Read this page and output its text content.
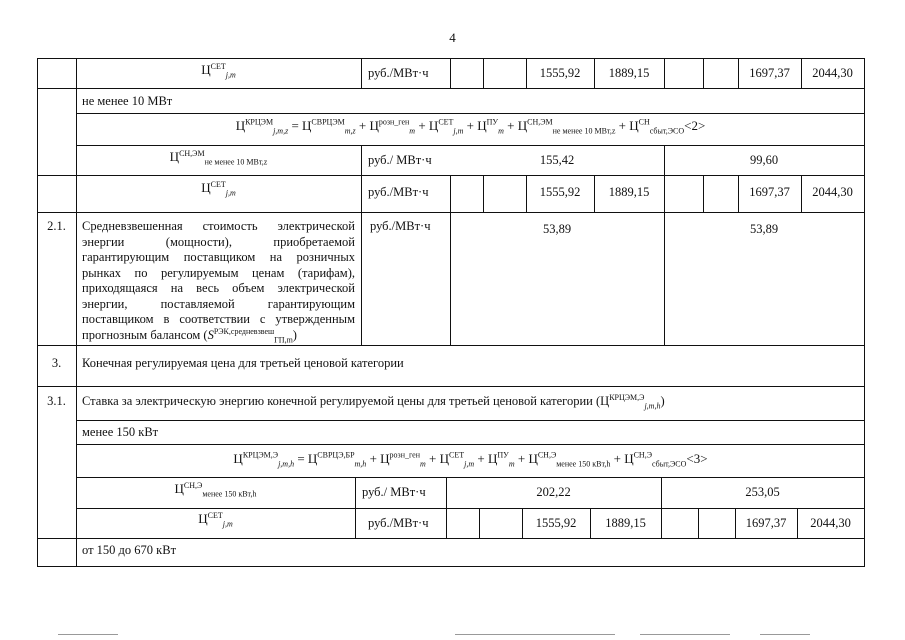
4
$Ц^{СЕТ}_{j,m}$	руб./МВт·ч	1555,92	1889,15	1697,37	2044,30
не менее 10 МВт
$Ц^{КРЦЭМ}_{j,m,z} = Ц^{СВРЦЭМ}_{m,z} + Ц^{розн\_ген}_m + Ц^{СЕТ}_{j,m} + Ц^{ПУ}_m + Ц^{СН,ЭМ}_{не менее 10 МВт,z} + Ц^{СН}_{сбыт,ЭСО}<2>$
$Ц^{СН,ЭМ}_{не менее 10 МВт,z}$	руб./ МВт·ч	155,42	99,60
$Ц^{СЕТ}_{j,m}$	руб./МВт·ч	1555,92	1889,15	1697,37	2044,30
2.1.	Средневзвешенная стоимость электрической энергии (мощности), приобретаемой гарантирующим поставщиком на розничных рынках по регулируемым ценам (тарифам), приходящаяся на весь объем электрической энергии, поставляемой гарантирующим поставщиком в соответствии с утвержденным прогнозным балансом $(S^{РЭК,средневзвеш}_{ГП,m})$
руб./МВт·ч	53,89	53,89
3.	Конечная регулируемая цена для третьей ценовой категории
3.1.	Ставка за электрическую энергию конечной регулируемой цены для третьей ценовой категории $(Ц^{КРЦЭМ,Э}_{j,m,h})$
менее 150 кВт
$Ц^{КРЦЭМ,Э}_{j,m,h} = Ц^{СВРЦЭ,БР}_{m,h} + Ц^{розн\_ген}_m + Ц^{СЕТ}_{j,m} + Ц^{ПУ}_m + Ц^{СН,Э}_{менее 150 кВт,h} + Ц^{СН,Э}_{сбыт,ЭСО}<3>$
$Ц^{СН,Э}_{менее 150 кВт,h}$	руб./ МВт·ч	202,22	253,05
$Ц^{СЕТ}_{j,m}$	руб./МВт·ч	1555,92	1889,15	1697,37	2044,30
от 150 до 670 кВт
